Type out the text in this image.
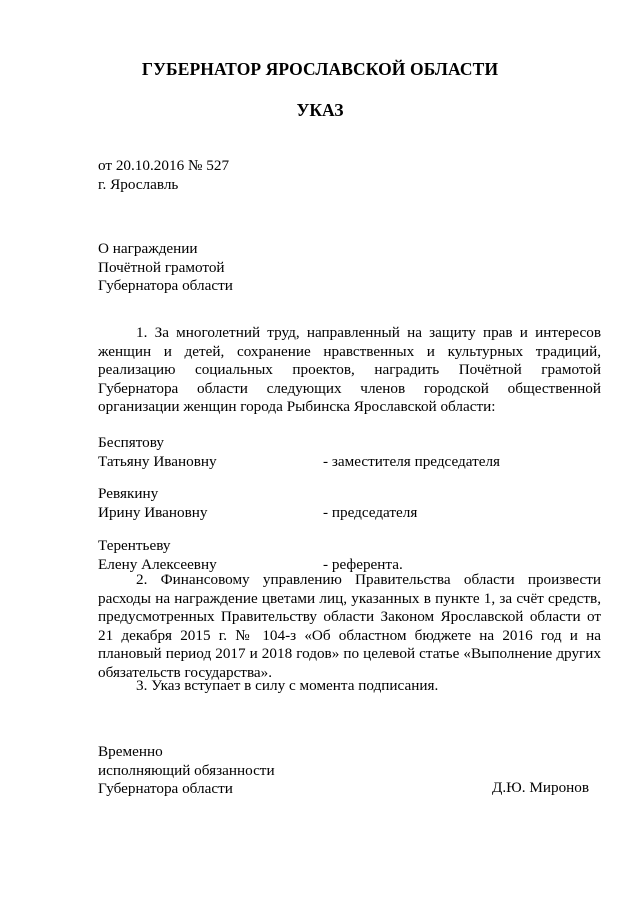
ГУБЕРНАТОР ЯРОСЛАВСКОЙ ОБЛАСТИ
УКАЗ
от 20.10.2016 № 527
г. Ярославль
О награждении
Почётной грамотой
Губернатора области
1. За многолетний труд, направленный на защиту прав и интересов женщин и детей, сохранение нравственных и культурных традиций, реализацию социальных проектов, наградить Почётной грамотой Губернатора области следующих членов городской общественной организации женщин города Рыбинска Ярославской области:
Беспятову
Татьяну Ивановну	- заместителя председателя
Ревякину
Ирину Ивановну	- председателя
Терентьеву
Елену Алексеевну	- референта.
2. Финансовому управлению Правительства области произвести расходы на награждение цветами лиц, указанных в пункте 1, за счёт средств, предусмотренных Правительству области Законом Ярославской области от 21 декабря 2015 г. № 104-з «Об областном бюджете на 2016 год и на плановый период 2017 и 2018 годов» по целевой статье «Выполнение других обязательств государства».
3. Указ вступает в силу с момента подписания.
Временно
исполняющий обязанности
Губернатора области	Д.Ю. Миронов
